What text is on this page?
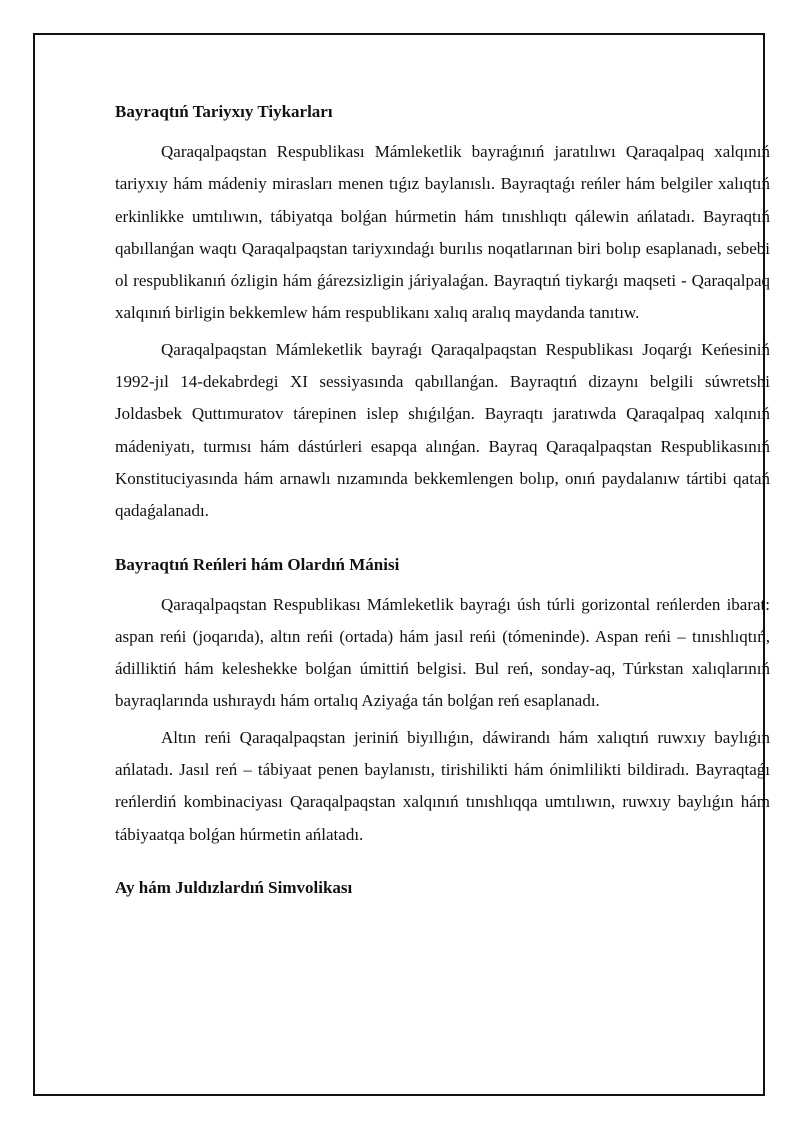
Bayraqtıń Tariyxıy Tiykarları

Qaraqalpaqstan Respublikası Mámleketlik bayraǵınıń jaratılıwı Qaraqalpaq xalqınıń tariyxıy hám mádeniy mirasları menen tıǵız baylanıslı. Bayraqtaǵı reńler hám belgiler xalıqtıń erkinlikke umtılıwın, tábiyatqa bolǵan húrmetin hám tınıshlıqtı qálewin ańlatadı. Bayraqtıń qabıllanǵan waqtı Qaraqalpaqstan tariyxındaǵı burılıs noqatlarınan biri bolıp esaplanadı, sebebi ol respublikanıń ózligin hám ǵárezsizligin járiyalaǵan. Bayraqtıń tiykarǵı maqseti - Qaraqalpaq xalqınıń birligin bekkemlew hám respublikanı xalıq aralıq maydanda tanıtıw.

Qaraqalpaqstan Mámleketlik bayraǵı Qaraqalpaqstan Respublikası Joqarǵı Keńesiniń 1992-jıl 14-dekabrdegi XI sessiyasında qabıllanǵan. Bayraqtıń dizaynı belgili súwretshi Joldasbek Quttımuratov tárepinen islep shıǵılǵan. Bayraqtı jaratıwda Qaraqalpaq xalqınıń mádeniyatı, turmısı hám dástúrleri esapqa alınǵan. Bayraq Qaraqalpaqstan Respublikasınıń Konstituciyasında hám arnawlı nızamında bekkemlengen bolıp, onıń paydalanıw tártibi qatań qadaǵalanadı.

Bayraqtıń Reńleri hám Olardıń Mánisi

Qaraqalpaqstan Respublikası Mámleketlik bayraǵı úsh túrli gorizontal reńlerden ibarat: aspan reńi (joqarıda), altın reńi (ortada) hám jasıl reńi (tómeninde). Aspan reńi – tınıshlıqtıń, ádilliktiń hám keleshekke bolǵan úmittiń belgisi. Bul reń, sonday-aq, Túrkstan xalıqlarınıń bayraqlarında ushıraydı hám ortalıq Aziyaǵa tán bolǵan reń esaplanadı.

Altın reńi Qaraqalpaqstan jeriniń biyıllıǵın, dáwirandı hám xalıqtıń ruwxıy baylıǵın ańlatadı. Jasıl reń – tábiyaat penen baylanıstı, tirishilikti hám ónimlilikti bildiradı. Bayraqtaǵı reńlerdiń kombinaciyası Qaraqalpaqstan xalqınıń tınıshlıqqa umtılıwın, ruwxıy baylıǵın hám tábiyaatqa bolǵan húrmetin ańlatadı.

Ay hám Juldızlardıń Simvolikası
